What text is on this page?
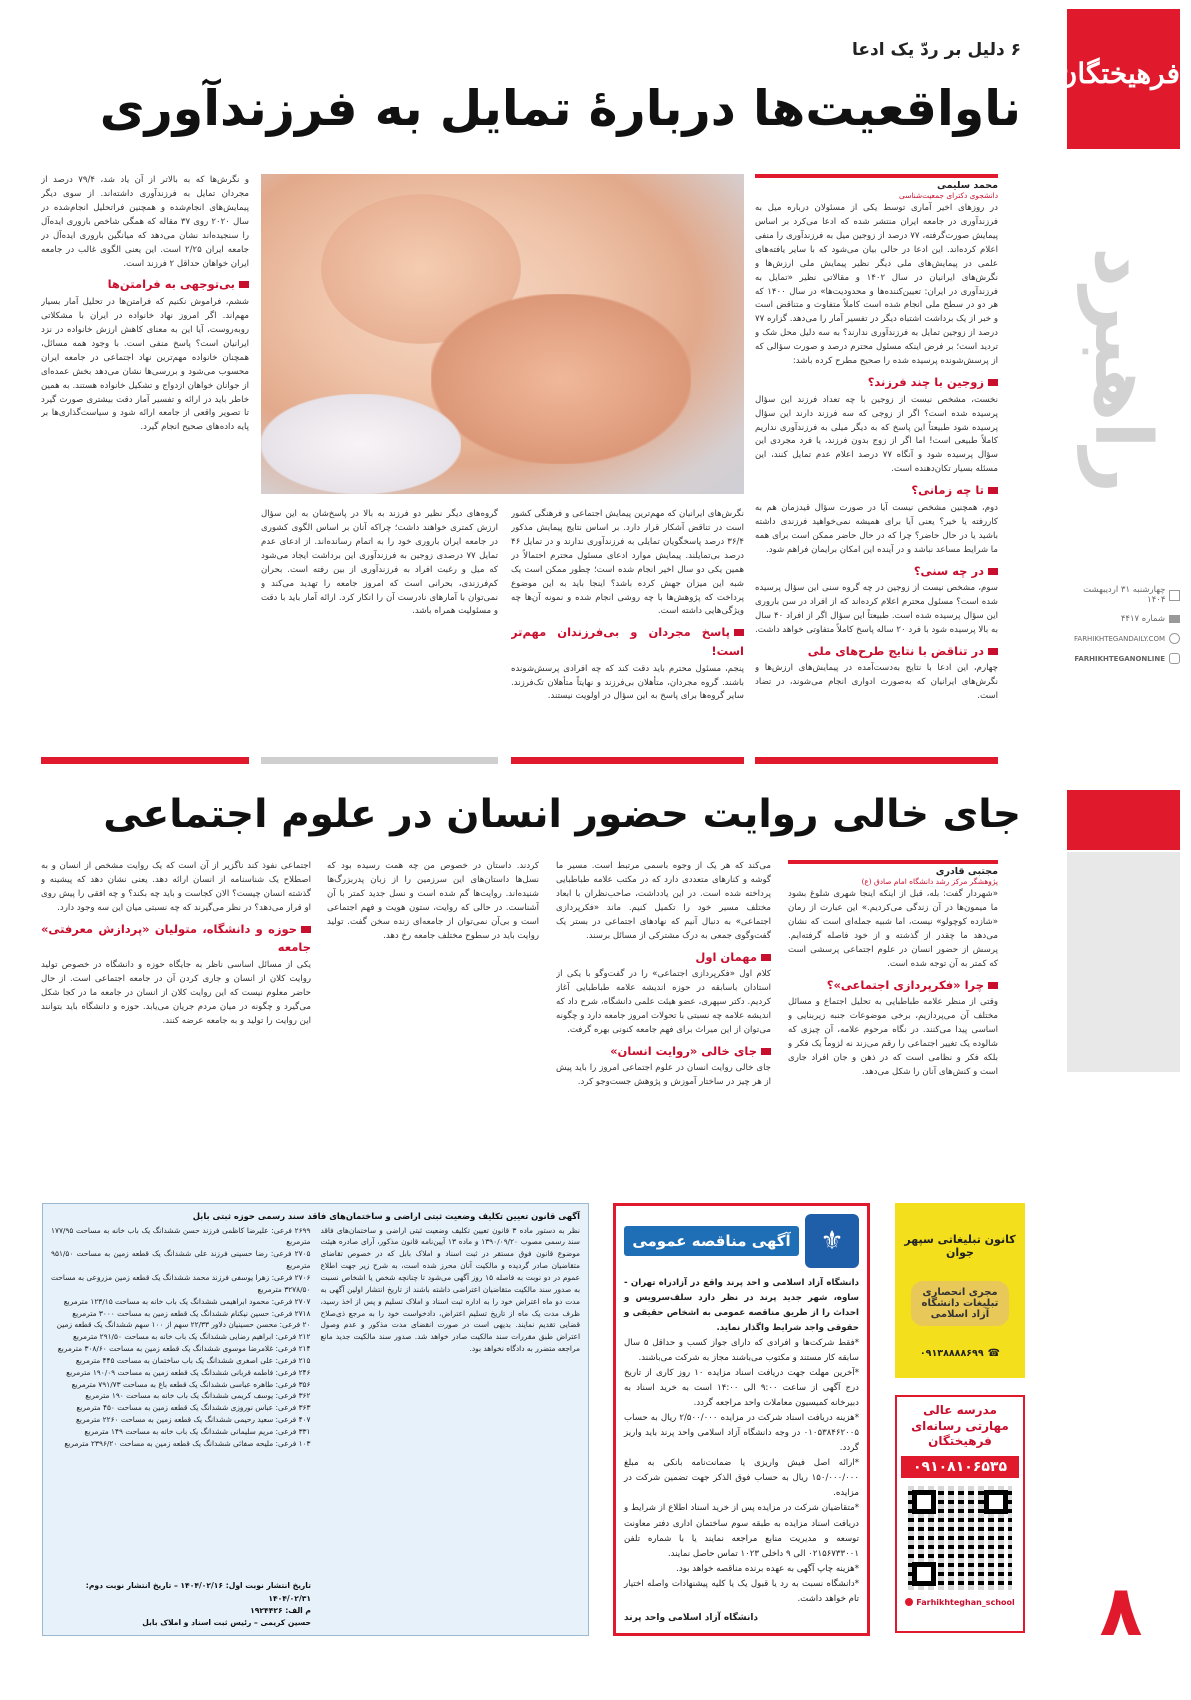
فرهیختگان
راهبرد
چهارشنبه ۳۱ اردیبهشت ۱۴۰۴
شماره ۴۴۱۷
FARHIKHTEGANDAILY.COM
FARHIKHTEGANONLINE
۸
۶ دلیل بر ردّ یک ادعا
ناواقعیت‌ها دربارهٔ تمایل به فرزندآوری
محمد سلیمی
دانشجوی دکترای جمعیت‌شناسی
در روزهای اخیر آماری توسط یکی از مسئولان درباره میل به فرزندآوری در جامعه ایران منتشر شده که ادعا می‌کرد بر اساس پیمایش صورت‌گرفته، ۷۷ درصد از زوجین میل به فرزندآوری را منفی اعلام کرده‌اند. این ادعا در حالی بیان می‌شود که با سایر یافته‌های علمی در پیمایش‌های ملی دیگر نظیر پیمایش ملی ارزش‌ها و نگرش‌های ایرانیان در سال ۱۴۰۲ و مقالاتی نظیر «تمایل به فرزندآوری در ایران: تعیین‌کننده‌ها و محدودیت‌ها» در سال ۱۴۰۰ که هر دو در سطح ملی انجام شده است کاملاً متفاوت و متناقض است و خبر از یک برداشت اشتباه دیگر در تفسیر آمار را می‌دهد. گزاره ۷۷ درصد از زوجین تمایل به فرزندآوری ندارند؟ به سه دلیل محل شک و تردید است؛ بر فرض اینکه مسئول محترم درصد و صورت سؤالی که از پرسش‌شونده پرسیده شده را صحیح مطرح کرده باشد:
زوجین با چند فرزند؟
نخست، مشخص نیست از زوجین با چه تعداد فرزند این سؤال پرسیده شده است؟ اگر از زوجی که سه فرزند دارند این سؤال پرسیده شود طبیعتاً این پاسخ که به دیگر میلی به فرزندآوری نداریم کاملاً طبیعی است! اما اگر از زوج بدون فرزند، یا فرد مجردی این سؤال پرسیده شود و آنگاه ۷۷ درصد اعلام عدم تمایل کنند، این مسئله بسیار تکان‌دهنده است.
تا چه زمانی؟
دوم، همچنین مشخص نیست آیا در صورت سؤال قیدزمان هم به کاررفته یا خیر؟ یعنی آیا برای همیشه نمی‌خواهید فرزندی داشته باشید یا در حال حاضر؟ چرا که در حال حاضر ممکن است برای همه ما شرایط مساعد نباشد و در آینده این امکان برایمان فراهم شود.
در چه سنی؟
سوم، مشخص نیست از زوجین در چه گروه سنی این سؤال پرسیده شده است؟ مسئول محترم اعلام کرده‌اند که از افراد در سن باروری این سؤال پرسیده شده است. طبیعتاً این سؤال اگر از افراد ۴۰ سال به بالا پرسیده شود با فرد ۲۰ ساله پاسخ کاملاً متفاوتی خواهد داشت.
در تناقض با نتایج طرح‌های ملی
چهارم، این ادعا با نتایج به‌دست‌آمده در پیمایش‌های ارزش‌ها و نگرش‌های ایرانیان که به‌صورت ادواری انجام می‌شوند، در تضاد است.
نگرش‌های ایرانیان که مهم‌ترین پیمایش اجتماعی و فرهنگی کشور است در تناقض آشکار قرار دارد. بر اساس نتایج پیمایش مذکور ۳۶/۴ درصد پاسخگویان تمایلی به فرزندآوری ندارند و در تمایل ۴۶ درصد بی‌تمایلند. پیمایش موارد ادعای مسئول محترم احتمالاً در همین یکی دو سال اخیر انجام شده است؛ چطور ممکن است یک شبه این میزان جهش کرده باشد؟ اینجا باید به این موضوع پرداخت که پژوهش‌ها با چه روشی انجام شده و نمونه آن‌ها چه ویژگی‌هایی داشته است.
پاسخ مجردان و بی‌فرزندان مهم‌تر است!
پنجم، مسئول محترم باید دقت کند که چه افرادی پرسش‌شونده باشند. گروه مجردان، متأهلان بی‌فرزند و نهایتاً متأهلان تک‌فرزند. سایر گروه‌ها برای پاسخ به این سؤال در اولویت نیستند.
گروه‌های دیگر نظیر دو فرزند به بالا در پاسخ‌شان به این سؤال ارزش کمتری خواهند داشت؛ چراکه آنان بر اساس الگوی کشوری در جامعه ایران باروری خود را به اتمام رسانده‌اند. از ادعای عدم تمایل ۷۷ درصدی زوجین به فرزندآوری این برداشت ایجاد می‌شود که میل و رغبت افراد به فرزندآوری از بین رفته است. بحران کم‌فرزندی، بحرانی است که امروز جامعه را تهدید می‌کند و نمی‌توان با آمارهای نادرست آن را انکار کرد. ارائه آمار باید با دقت و مسئولیت همراه باشد.
و نگرش‌ها که به بالاتر از آن یاد شد، ۷۹/۴ درصد از مجردان تمایل به فرزندآوری داشته‌اند. از سوی دیگر پیمایش‌های انجام‌شده و همچنین فراتحلیل انجام‌شده در سال ۲۰۲۰ روی ۳۷ مقاله که همگی شاخص باروری ایده‌آل را سنجیده‌اند نشان می‌دهد که میانگین باروری ایده‌آل در جامعه ایران ۲/۲۵ است. این یعنی الگوی غالب در جامعه ایران خواهان حداقل ۲ فرزند است.
بی‌توجهی به فرامتن‌ها
ششم، فراموش نکنیم که فرامتن‌ها در تحلیل آمار بسیار مهم‌اند. اگر امروز نهاد خانواده در ایران با مشکلاتی روبه‌روست، آیا این به معنای کاهش ارزش خانواده در نزد ایرانیان است؟ پاسخ منفی است. با وجود همه مسائل، همچنان خانواده مهم‌ترین نهاد اجتماعی در جامعه ایران محسوب می‌شود و بررسی‌ها نشان می‌دهد بخش عمده‌ای از جوانان خواهان ازدواج و تشکیل خانواده هستند. به همین خاطر باید در ارائه و تفسیر آمار دقت بیشتری صورت گیرد تا تصویر واقعی از جامعه ارائه شود و سیاست‌گذاری‌ها بر پایه داده‌های صحیح انجام گیرد.
جای خالی روایت حضور انسان در علوم اجتماعی
مجتبی قادری
پژوهشگر مرکز رشد دانشگاه امام صادق (ع)
«شهردار گفت: بله، قبل از اینکه اینجا شهری شلوغ بشود ما میمون‌ها در آن زندگی می‌کردیم.» این عبارت از رمان «شازده کوچولو» نیست، اما شبیه جمله‌ای است که نشان می‌دهد ما چقدر از گذشته و از خود فاصله گرفته‌ایم. پرسش از حضور انسان در علوم اجتماعی پرسشی است که کمتر به آن توجه شده است.
چرا «فکرپردازی اجتماعی»؟
وقتی از منظر علامه طباطبایی به تحلیل اجتماع و مسائل مختلف آن می‌پردازیم، برخی موضوعات جنبه زیربنایی و اساسی پیدا می‌کنند. در نگاه مرحوم علامه، آن چیزی که شالوده یک تغییر اجتماعی را رقم می‌زند نه لزوماً یک فکر و بلکه فکر و نظامی است که در ذهن و جان افراد جاری است و کنش‌های آنان را شکل می‌دهد.
می‌کند که هر یک از وجوه باسمی مرتبط است. مسیر ما گوشه و کنارهای متعددی دارد که در مکتب علامه طباطبایی پرداخته شده است. در این یادداشت، صاحب‌نظران با ابعاد مختلف مسیر خود را تکمیل کنیم. ماند «فکرپردازی اجتماعی» به دنبال آنیم که نهادهای اجتماعی در بستر یک گفت‌وگوی جمعی به درک مشترکی از مسائل برسند.
مهمان اول
کلام اول «فکرپردازی اجتماعی» را در گفت‌وگو با یکی از استادان باسابقه در حوزه اندیشه علامه طباطبایی آغاز کردیم. دکتر سپهری، عضو هیئت علمی دانشگاه، شرح داد که اندیشه علامه چه نسبتی با تحولات امروز جامعه دارد و چگونه می‌توان از این میراث برای فهم جامعه کنونی بهره گرفت.
جای خالی «روایت انسان»
جای خالی روایت انسان در علوم اجتماعی امروز را باید پیش از هر چیز در ساختار آموزش و پژوهش جست‌وجو کرد.
کردند. داستان در خصوص من چه همت رسیده بود که نسل‌ها داستان‌های این سرزمین را از زبان پدربزرگ‌ها شنیده‌اند. روایت‌ها گم شده است و نسل جدید کمتر با آن آشناست. در حالی که روایت، ستون هویت و فهم اجتماعی است و بی‌آن نمی‌توان از جامعه‌ای زنده سخن گفت. تولید روایت باید در سطوح مختلف جامعه رخ دهد.
اجتماعی نفوذ کند ناگزیر از آن است که یک روایت مشخص از انسان و به اصطلاح یک شناسنامه از انسان ارائه دهد. یعنی نشان دهد که پیشینه و گذشته انسان چیست؟ الان کجاست و باید چه بکند؟ و چه افقی را پیش روی او قرار می‌دهد؟ در نظر می‌گیرند که چه نسبتی میان این سه وجود دارد.
حوزه و دانشگاه، متولیان «پردازش معرفتی» جامعه
یکی از مسائل اساسی ناظر به جایگاه حوزه و دانشگاه در خصوص تولید روایت کلان از انسان و جاری کردن آن در جامعه اجتماعی است. از حال حاضر معلوم نیست که این روایت کلان از انسان در جامعه ما در کجا شکل می‌گیرد و چگونه در میان مردم جریان می‌یابد. حوزه و دانشگاه باید بتوانند این روایت را تولید و به جامعه عرضه کنند.
کانون تبلیغاتی سپهر جوان
مجری انحصاری تبلیغات دانشگاه آزاد اسلامی
☎
۰۹۱۳۸۸۸۸۶۹۹
مدرسه عالی مهارتی رسانه‌ای فرهیختگان
۰۹۱۰۸۱۰۶۵۳۵
Farhikhteghan_school
⚜
آگهی مناقصه عمومی
دانشگاه آزاد اسلامی و احد پرند واقع در آزادراه تهران - ساوه، شهر جدید پرند در نظر دارد سلف‌سرویس و احداث را از طریق مناقصه عمومی به اشخاص حقیقی و حقوقی واجد شرایط واگذار نماید.
*فقط شرکت‌ها و افرادی که دارای جواز کسب و حداقل ۵ سال سابقه کار مستند و مکتوب می‌باشند مجاز به شرکت می‌باشند.
*آخرین مهلت جهت دریافت اسناد مزایده ۱۰ روز کاری از تاریخ درج آگهی از ساعت ۹:۰۰ الی ۱۴:۰۰ است به خرید اسناد به دبیرخانه کمیسیون معاملات واحد مراجعه گردد.
*هزینه دریافت اسناد شرکت در مزایده ۲/۵۰۰/۰۰۰ ریال به حساب ۰۱۰۵۳۸۴۶۲۰۰۵ در وجه دانشگاه آزاد اسلامی واحد پرند باید واریز گردد.
*ارائه اصل فیش واریزی یا ضمانت‌نامه بانکی به مبلغ ۱۵۰/۰۰۰/۰۰۰ ریال به حساب فوق الذکر جهت تضمین شرکت در مزایده.
*متقاضیان شرکت در مزایده پس از خرید اسناد اطلاع از شرایط و دریافت اسناد مزایده به طبقه سوم ساختمان اداری دفتر معاونت توسعه و مدیریت منابع مراجعه نمایند یا با شماره تلفن ۰۲۱۵۶۷۳۳۰۰۱ الی ۹ داخلی ۱۰۲۳ تماس حاصل نمایند.
*هزینه چاپ آگهی به عهده برنده مناقصه خواهد بود.
*دانشگاه نسبت به رد یا قبول یک یا کلیه پیشنهادات واصله اختیار تام خواهد داشت.
دانشگاه آزاد اسلامی واحد پرند
آگهی قانون تعیین تکلیف وضعیت ثبتی اراضی و ساختمان‌های فاقد سند رسمی حوزه ثبتی بابل
نظر به دستور ماده ۳ قانون تعیین تکلیف وضعیت ثبتی اراضی و ساختمان‌های فاقد سند رسمی مصوب ۱۳۹۰/۰۹/۲۰ و ماده ۱۳ آیین‌نامه قانون مذکور، آرای صادره هیئت موضوع قانون فوق مستقر در ثبت اسناد و املاک بابل که در خصوص تقاضای متقاضیان صادر گردیده و مالکیت آنان محرز شده است، به شرح زیر جهت اطلاع عموم در دو نوبت به فاصله ۱۵ روز آگهی می‌شود تا چنانچه شخص یا اشخاص نسبت به صدور سند مالکیت متقاضیان اعتراضی داشته باشند از تاریخ انتشار اولین آگهی به مدت دو ماه اعتراض خود را به اداره ثبت اسناد و املاک تسلیم و پس از اخذ رسید، ظرف مدت یک ماه از تاریخ تسلیم اعتراض، دادخواست خود را به مرجع ذی‌صلاح قضایی تقدیم نمایند. بدیهی است در صورت انقضای مدت مذکور و عدم وصول اعتراض طبق مقررات سند مالکیت صادر خواهد شد. صدور سند مالکیت جدید مانع مراجعه متضرر به دادگاه نخواهد بود.
۲۶۹۹ فرعی: علیرضا کاظمی فرزند حسن ششدانگ یک باب خانه به مساحت ۱۷۷/۹۵ مترمربع
۲۷۰۵ فرعی: رضا حسینی فرزند علی ششدانگ یک قطعه زمین به مساحت ۹۵۱/۵۰ مترمربع
۲۷۰۶ فرعی: زهرا یوسفی فرزند محمد ششدانگ یک قطعه زمین مزروعی به مساحت ۳۲۷۸/۵۰ مترمربع
۲۷۰۷ فرعی: محمود ابراهیمی ششدانگ یک باب خانه به مساحت ۱۲۳/۱۵ مترمربع
۲۷۱۸ فرعی: حسین نیکنام ششدانگ یک قطعه زمین به مساحت ۳۰۰۰ مترمربع
۲۰ فرعی: محسن حسینیان دلاور ۲۲/۳۳ سهم از ۱۰۰ سهم ششدانگ یک قطعه زمین
۲۱۲ فرعی: ابراهیم رضایی ششدانگ یک باب خانه به مساحت ۲۹۱/۵۰ مترمربع
۲۱۴ فرعی: غلامرضا موسوی ششدانگ یک قطعه زمین به مساحت ۳۰۸/۶۰ مترمربع
۲۱۵ فرعی: علی اصغری ششدانگ یک باب ساختمان به مساحت ۴۴۵ مترمربع
۲۴۶ فرعی: فاطمه قربانی ششدانگ یک قطعه زمین به مساحت ۱۹۰/۰۹ مترمربع
۳۵۶ فرعی: طاهره عباسی ششدانگ یک قطعه باغ به مساحت ۷۹۱/۷۳ مترمربع
۳۶۲ فرعی: یوسف کریمی ششدانگ یک باب خانه به مساحت ۱۹۰ مترمربع
۳۶۳ فرعی: عباس نوروزی ششدانگ یک قطعه زمین به مساحت ۴۵۰ مترمربع
۴۰۷ فرعی: سعید رحیمی ششدانگ یک قطعه زمین به مساحت ۲۲۶۰ مترمربع
۳۳۱ فرعی: مریم سلیمانی ششدانگ یک باب خانه به مساحت ۱۴۹ مترمربع
۱۰۳ فرعی: ملیحه صفائی ششدانگ یک قطعه زمین به مساحت ۲۳۹۶/۲۰ مترمربع
تاریخ انتشار نوبت اول: ۱۴۰۴/۰۲/۱۶ – تاریخ انتشار نوبت دوم: ۱۴۰۴/۰۲/۳۱
م الف: ۱۹۲۴۴۲۶
حسین کریمی – رئیس ثبت اسناد و املاک بابل
